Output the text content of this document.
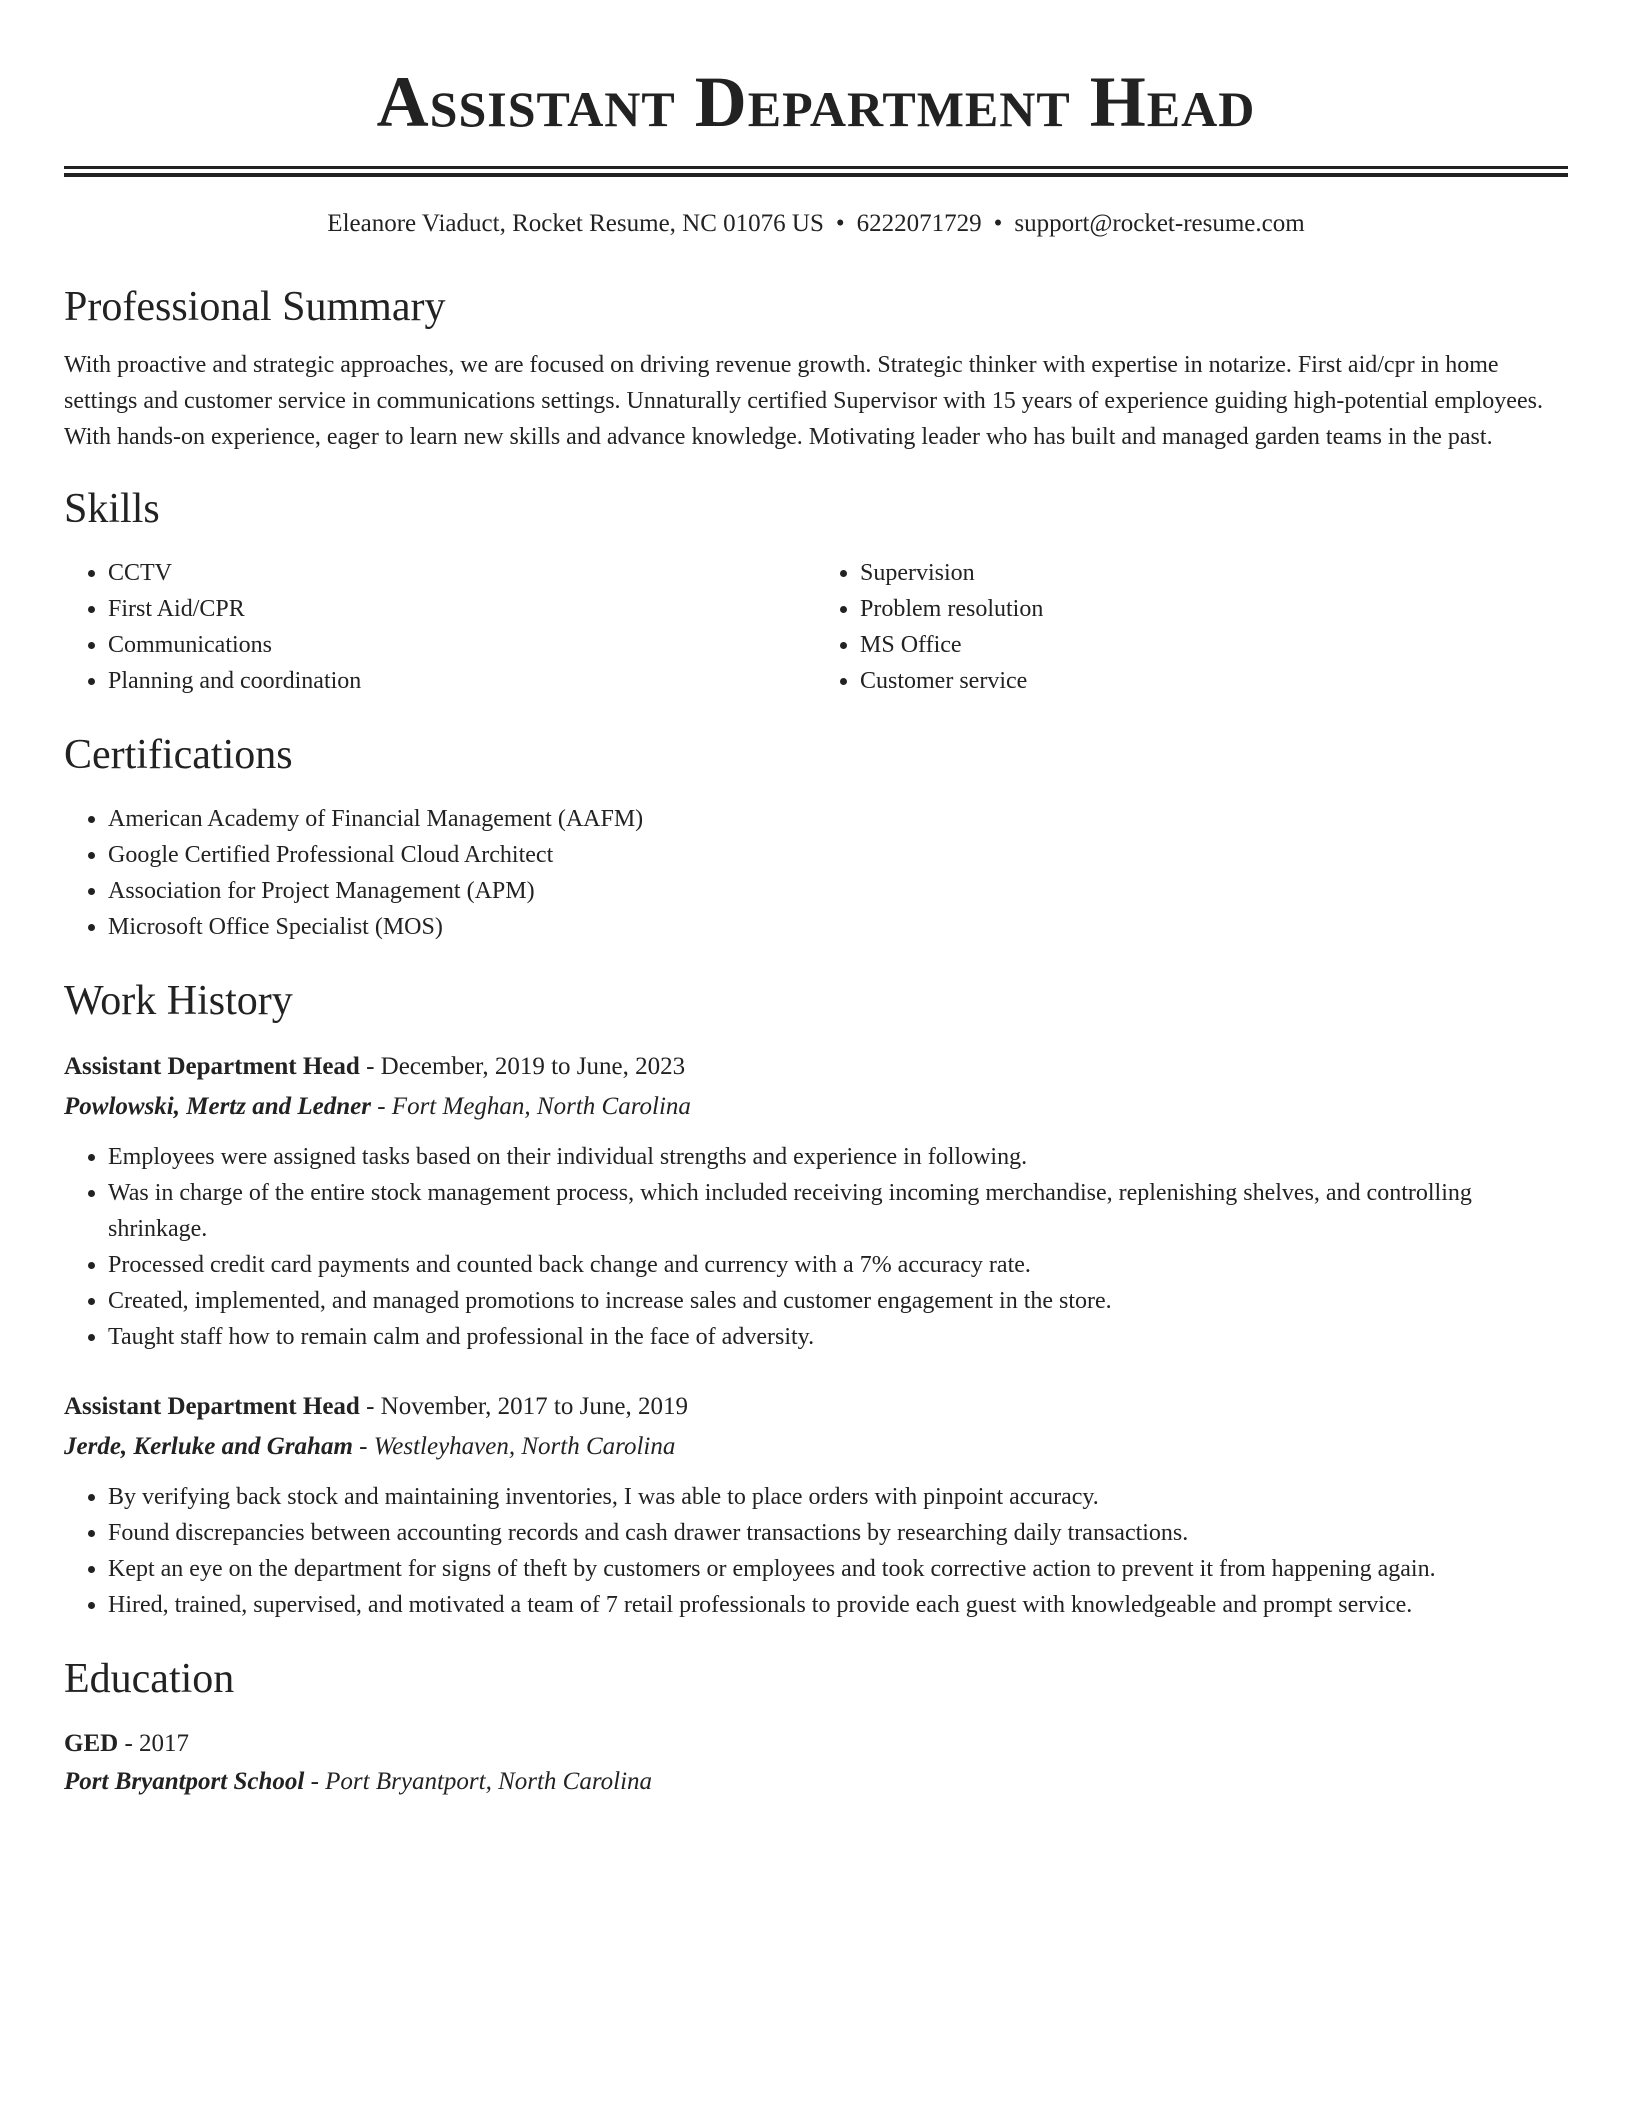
Assistant Department Head
Eleanore Viaduct, Rocket Resume, NC 01076 US • 6222071729 • support@rocket-resume.com
Professional Summary

With proactive and strategic approaches, we are focused on driving revenue growth. Strategic thinker with expertise in notarize. First aid/cpr in home settings and customer service in communications settings. Unnaturally certified Supervisor with 15 years of experience guiding high-potential employees. With hands-on experience, eager to learn new skills and advance knowledge. Motivating leader who has built and managed garden teams in the past.

Skills
• CCTV
• First Aid/CPR
• Communications
• Planning and coordination
• Supervision
• Problem resolution
• MS Office
• Customer service
Certifications
• American Academy of Financial Management (AAFM)
• Google Certified Professional Cloud Architect
• Association for Project Management (APM)
• Microsoft Office Specialist (MOS)
Work History
Assistant Department Head - December, 2019 to June, 2023
Powlowski, Mertz and Ledner - Fort Meghan, North Carolina
• Employees were assigned tasks based on their individual strengths and experience in following.
• Was in charge of the entire stock management process, which included receiving incoming merchandise, replenishing shelves, and controlling shrinkage.
• Processed credit card payments and counted back change and currency with a 7% accuracy rate.
• Created, implemented, and managed promotions to increase sales and customer engagement in the store.
• Taught staff how to remain calm and professional in the face of adversity.
Assistant Department Head - November, 2017 to June, 2019
Jerde, Kerluke and Graham - Westleyhaven, North Carolina
• By verifying back stock and maintaining inventories, I was able to place orders with pinpoint accuracy.
• Found discrepancies between accounting records and cash drawer transactions by researching daily transactions.
• Kept an eye on the department for signs of theft by customers or employees and took corrective action to prevent it from happening again.
• Hired, trained, supervised, and motivated a team of 7 retail professionals to provide each guest with knowledgeable and prompt service.
Education
GED - 2017
Port Bryantport School - Port Bryantport, North Carolina
